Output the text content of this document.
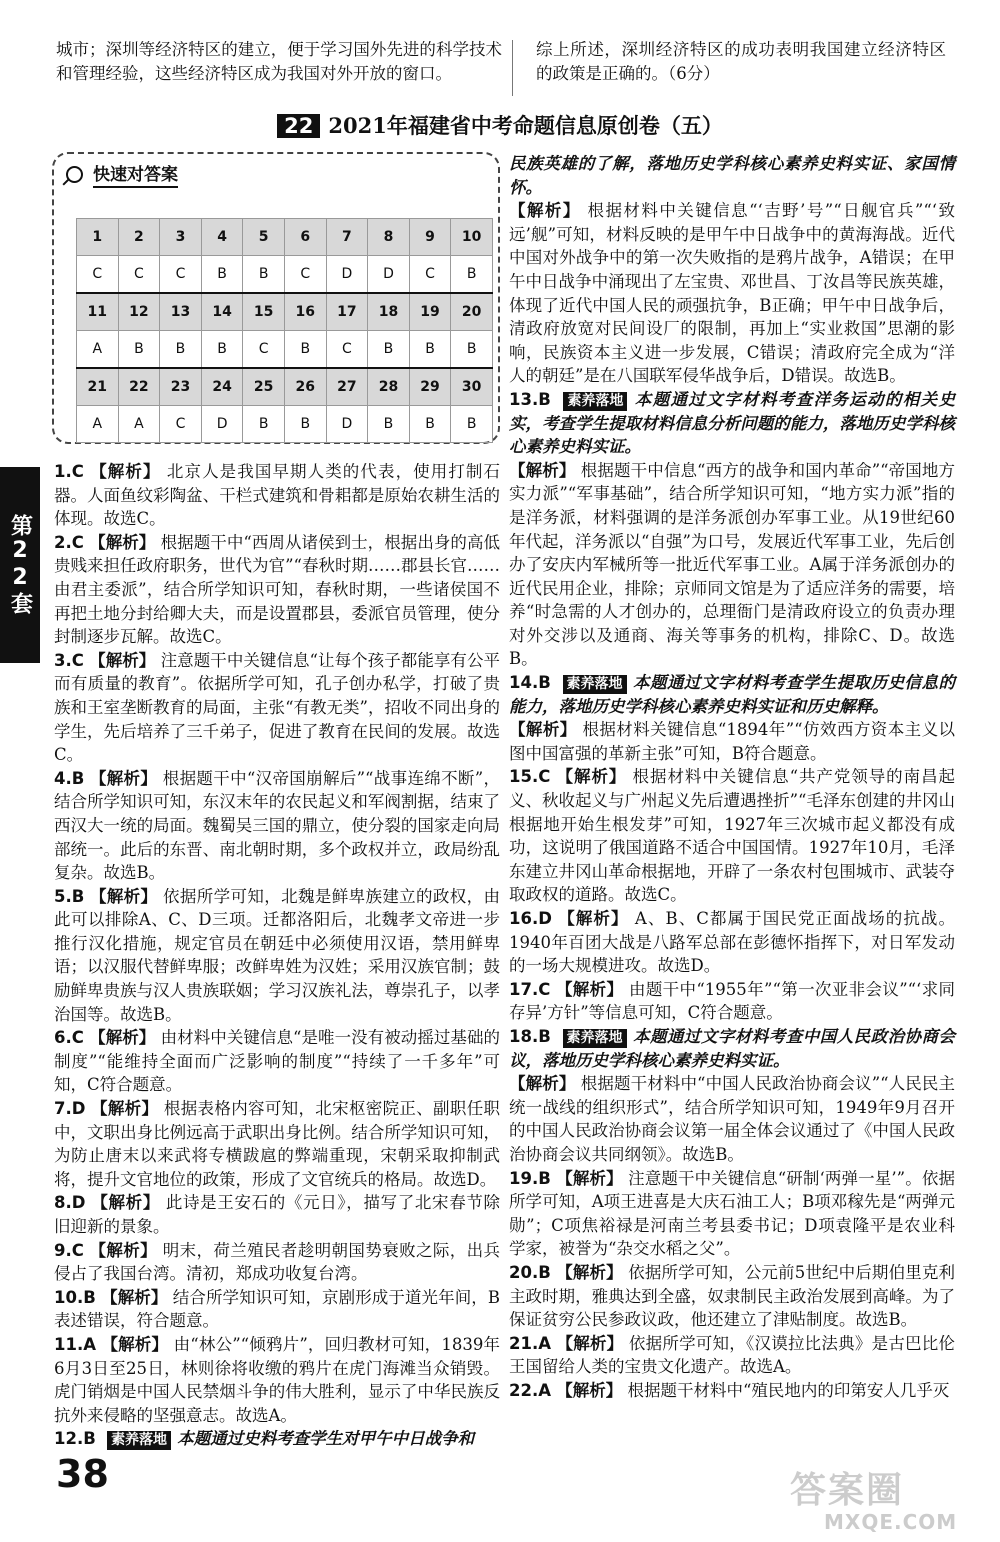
城市；深圳等经济特区的建立，便于学习国外先进的科学技术和管理经验，这些经济特区成为我国对外开放的窗口。
综上所述，深圳经济特区的成功表明我国建立经济特区的政策是正确的。（6分）
22 2021年福建省中考命题信息原创卷（五）
第22套
快速对答案
1	2	3	4	5	6	7	8	9	10
C	C	C	B	B	C	D	D	C	B
11	12	13	14	15	16	17	18	19	20
A	B	B	B	C	B	C	B	B	B
21	22	23	24	25	26	27	28	29	30
A	A	C	D	B	B	D	B	B	B
1.C 【解析】 北京人是我国早期人类的代表，使用打制石器。人面鱼纹彩陶盆、干栏式建筑和骨耜都是原始农耕生活的体现。故选C。
2.C 【解析】 根据题干中“西周从诸侯到士，根据出身的高低贵贱来担任政府职务，世代为官”“春秋时期……郡县长官……由君主委派”，结合所学知识可知，春秋时期，一些诸侯国不再把土地分封给卿大夫，而是设置郡县，委派官员管理，使分封制逐步瓦解。故选C。
3.C 【解析】 注意题干中关键信息“让每个孩子都能享有公平而有质量的教育”。依据所学可知，孔子创办私学，打破了贵族和王室垄断教育的局面，主张“有教无类”，招收不同出身的学生，先后培养了三千弟子，促进了教育在民间的发展。故选C。
4.B 【解析】 根据题干中“汉帝国崩解后”“战事连绵不断”，结合所学知识可知，东汉末年的农民起义和军阀割据，结束了西汉大一统的局面。魏蜀吴三国的鼎立，使分裂的国家走向局部统一。此后的东晋、南北朝时期，多个政权并立，政局纷乱复杂。故选B。
5.B 【解析】 依据所学可知，北魏是鲜卑族建立的政权，由此可以排除A、C、D三项。迁都洛阳后，北魏孝文帝进一步推行汉化措施，规定官员在朝廷中必须使用汉语，禁用鲜卑语；以汉服代替鲜卑服；改鲜卑姓为汉姓；采用汉族官制；鼓励鲜卑贵族与汉人贵族联姻；学习汉族礼法，尊崇孔子，以孝治国等。故选B。
6.C 【解析】 由材料中关键信息“是唯一没有被动摇过基础的制度”“能维持全面而广泛影响的制度”“持续了一千多年”可知，C符合题意。
7.D 【解析】 根据表格内容可知，北宋枢密院正、副职任职中，文职出身比例远高于武职出身比例。结合所学知识可知，为防止唐末以来武将专横跋扈的弊端重现，宋朝采取抑制武将，提升文官地位的政策，形成了文官统兵的格局。故选D。
8.D 【解析】 此诗是王安石的《元日》，描写了北宋春节除旧迎新的景象。
9.C 【解析】 明末，荷兰殖民者趁明朝国势衰败之际，出兵侵占了我国台湾。清初，郑成功收复台湾。
10.B 【解析】 结合所学知识可知，京剧形成于道光年间，B表述错误，符合题意。
11.A 【解析】 由“林公”“倾鸦片”，回归教材可知，1839年6月3日至25日，林则徐将收缴的鸦片在虎门海滩当众销毁。虎门销烟是中国人民禁烟斗争的伟大胜利，显示了中华民族反抗外来侵略的坚强意志。故选A。
12.B 素养落地 本题通过史料考查学生对甲午中日战争和
民族英雄的了解，落地历史学科核心素养史料实证、家国情怀。
【解析】 根据材料中关键信息“‘吉野’号”“日舰官兵”“‘致远’舰”可知，材料反映的是甲午中日战争中的黄海海战。近代中国对外战争中的第一次失败指的是鸦片战争，A错误；在甲午中日战争中涌现出了左宝贵、邓世昌、丁汝昌等民族英雄，体现了近代中国人民的顽强抗争，B正确；甲午中日战争后，清政府放宽对民间设厂的限制，再加上“实业救国”思潮的影响，民族资本主义进一步发展，C错误；清政府完全成为“洋人的朝廷”是在八国联军侵华战争后，D错误。故选B。
13.B 素养落地 本题通过文字材料考查洋务运动的相关史实，考查学生提取材料信息分析问题的能力，落地历史学科核心素养史料实证。
【解析】 根据题干中信息“西方的战争和国内革命”“帝国地方实力派”“军事基础”，结合所学知识可知，“地方实力派”指的是洋务派，材料强调的是洋务派创办军事工业。从19世纪60年代起，洋务派以“自强”为口号，发展近代军事工业，先后创办了安庆内军械所等一批近代军事工业。A属于洋务派创办的近代民用企业，排除；京师同文馆是为了适应洋务的需要，培养“时急需的人才创办的，总理衙门是清政府设立的负责办理对外交涉以及通商、海关等事务的机构，排除C、D。故选B。
14.B 素养落地 本题通过文字材料考查学生提取历史信息的能力，落地历史学科核心素养史料实证和历史解释。
【解析】 根据材料关键信息“1894年”“仿效西方资本主义以图中国富强的革新主张”可知，B符合题意。
15.C 【解析】 根据材料中关键信息“共产党领导的南昌起义、秋收起义与广州起义先后遭遇挫折”“毛泽东创建的井冈山根据地开始生根发芽”可知，1927年三次城市起义都没有成功，这说明了俄国道路不适合中国国情。1927年10月，毛泽东建立井冈山革命根据地，开辟了一条农村包围城市、武装夺取政权的道路。故选C。
16.D 【解析】 A、B、C都属于国民党正面战场的抗战。1940年百团大战是八路军总部在彭德怀指挥下，对日军发动的一场大规模进攻。故选D。
17.C 【解析】 由题干中“1955年”“第一次亚非会议”“‘求同存异’方针”等信息可知，C符合题意。
18.B 素养落地 本题通过文字材料考查中国人民政治协商会议，落地历史学科核心素养史料实证。
【解析】 根据题干材料中“中国人民政治协商会议”“人民民主统一战线的组织形式”，结合所学知识可知，1949年9月召开的中国人民政治协商会议第一届全体会议通过了《中国人民政治协商会议共同纲领》。故选B。
19.B 【解析】 注意题干中关键信息“研制‘两弹一星’”。依据所学可知，A项王进喜是大庆石油工人；B项邓稼先是“两弹元勋”；C项焦裕禄是河南兰考县委书记；D项袁隆平是农业科学家，被誉为“杂交水稻之父”。
20.B 【解析】 依据所学可知，公元前5世纪中后期伯里克利主政时期，雅典达到全盛，奴隶制民主政治发展到高峰。为了保证贫穷公民参政议政，他还建立了津贴制度。故选B。
21.A 【解析】 依据所学可知，《汉谟拉比法典》是古巴比伦王国留给人类的宝贵文化遗产。故选A。
22.A 【解析】 根据题干材料中“殖民地内的印第安人几乎灭
38	答案圈
MXQE.COM
